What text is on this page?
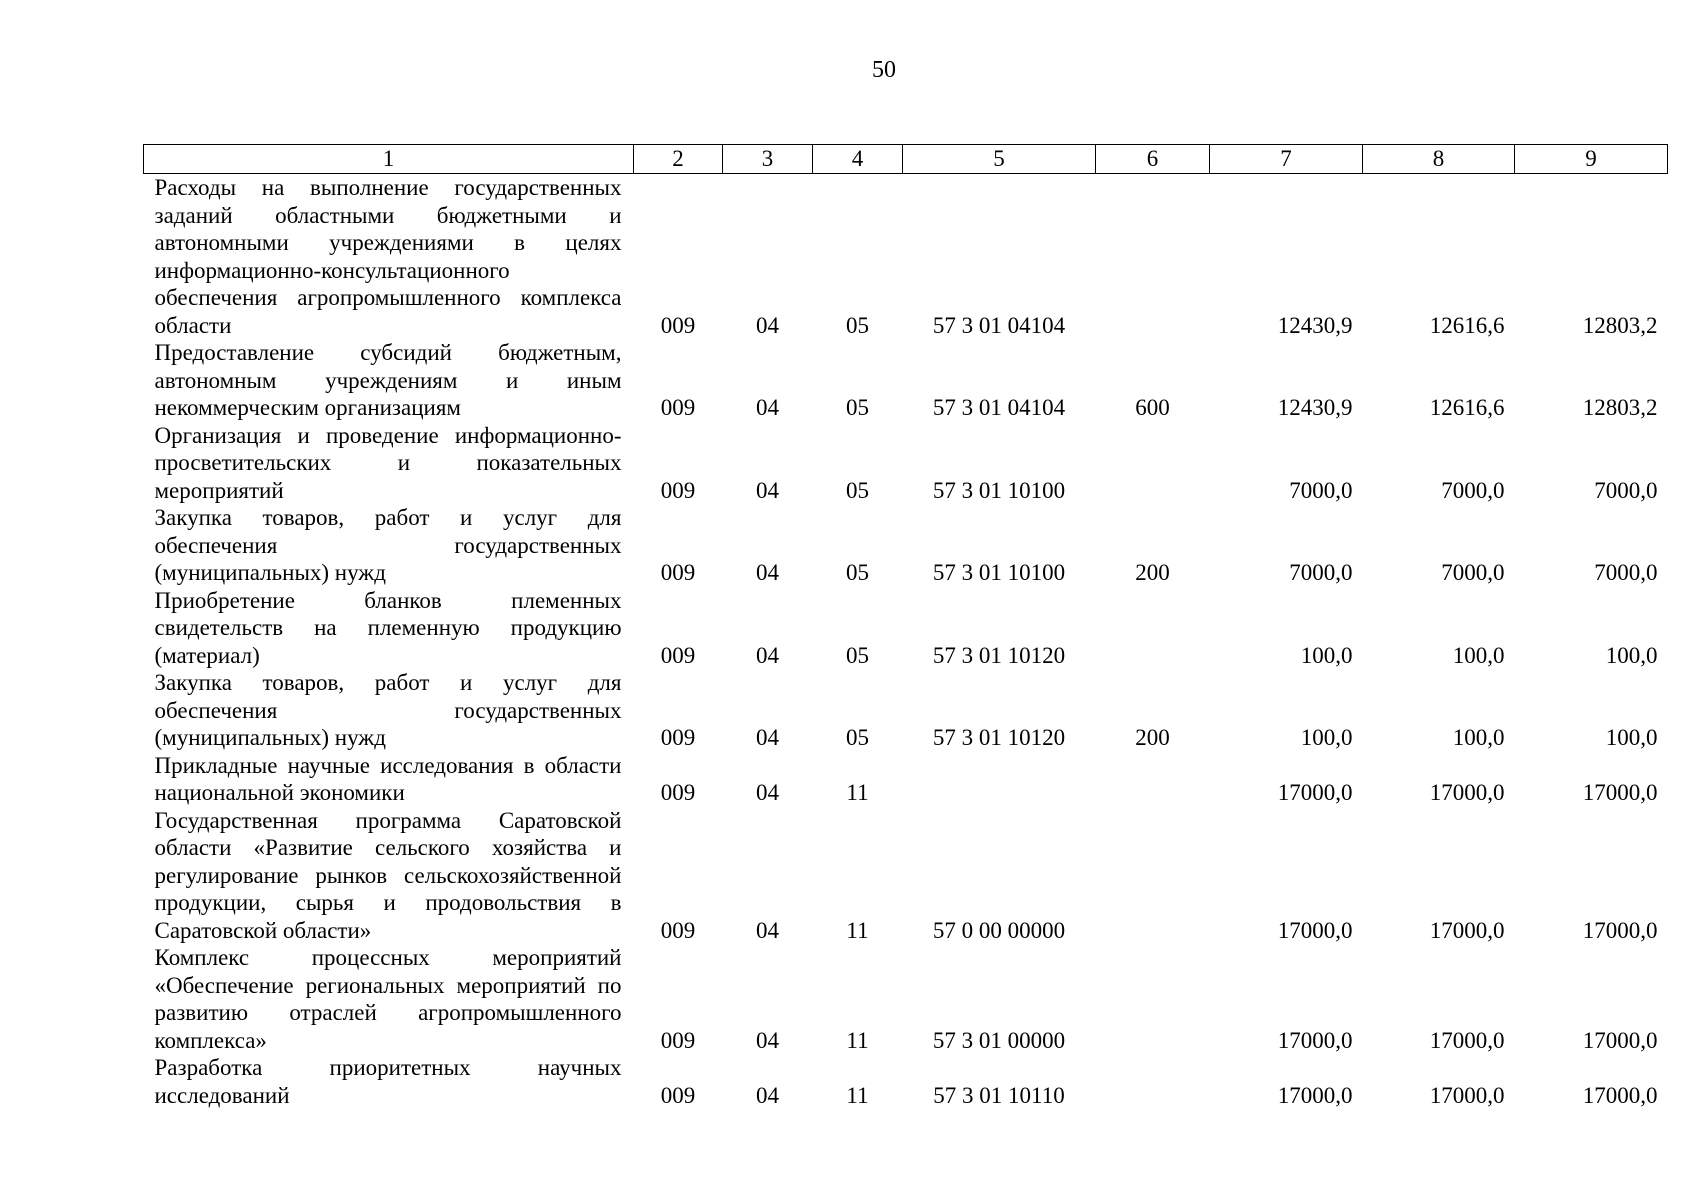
50
1	2	3	4	5	6	7	8	9

Расходы на выполнение государственных заданий областными бюджетными и автономными учреждениями в целях информационно-консультационного обеспечения агропромышленного комплекса области	009	04	05	57 3 01 04104		12430,9	12616,6	12803,2

Предоставление субсидий бюджетным, автономным учреждениям и иным некоммерческим организациям	009	04	05	57 3 01 04104	600	12430,9	12616,6	12803,2

Организация и проведение информационно-просветительских и показательных мероприятий	009	04	05	57 3 01 10100		7000,0	7000,0	7000,0

Закупка товаров, работ и услуг для обеспечения государственных (муниципальных) нужд	009	04	05	57 3 01 10100	200	7000,0	7000,0	7000,0

Приобретение бланков племенных свидетельств на племенную продукцию (материал)	009	04	05	57 3 01 10120		100,0	100,0	100,0

Закупка товаров, работ и услуг для обеспечения государственных (муниципальных) нужд	009	04	05	57 3 01 10120	200	100,0	100,0	100,0

Прикладные научные исследования в области национальной экономики	009	04	11			17000,0	17000,0	17000,0

Государственная программа Саратовской области «Развитие сельского хозяйства и регулирование рынков сельскохозяйственной продукции, сырья и продовольствия в Саратовской области»	009	04	11	57 0 00 00000		17000,0	17000,0	17000,0

Комплекс процессных мероприятий «Обеспечение региональных мероприятий по развитию отраслей агропромышленного комплекса»	009	04	11	57 3 01 00000		17000,0	17000,0	17000,0

Разработка приоритетных научных исследований	009	04	11	57 3 01 10110		17000,0	17000,0	17000,0
